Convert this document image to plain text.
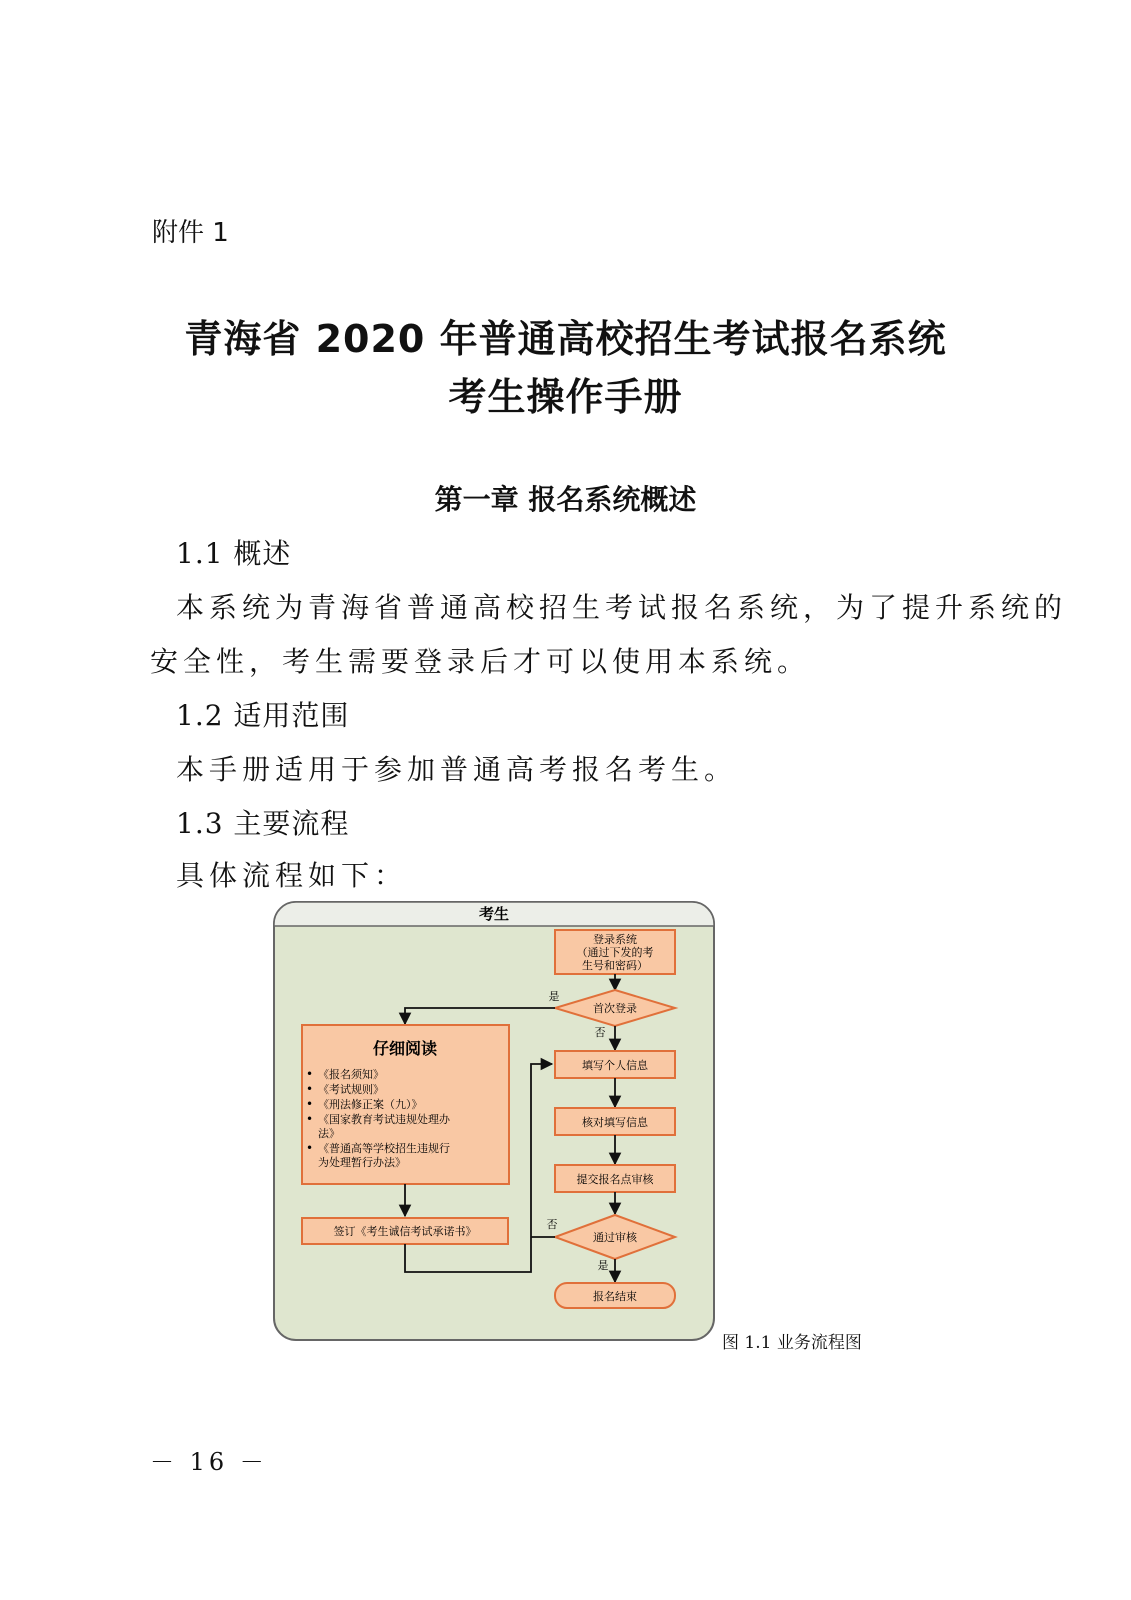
附件 1
青海省 2020 年普通高校招生考试报名系统
考生操作手册
第一章 报名系统概述
1.1 概述
本系统为青海省普通高校招生考试报名系统，为了提升系统的
安全性，考生需要登录后才可以使用本系统。
1.2 适用范围
本手册适用于参加普通高考报名考生。
1.3 主要流程
具体流程如下：
考生
登录系统
（通过下发的考
生号和密码）
首次登录
是
否
仔细阅读
•
•
•
•
•
《报名须知》
《考试规则》
《刑法修正案（九）》
《国家教育考试违规处理办
法》
《普通高等学校招生违规行
为处理暂行办法》
签订《考生诚信考试承诺书》
填写个人信息
核对填写信息
提交报名点审核
通过审核
否
是
报名结束
图 1.1 业务流程图
－ 16 －
